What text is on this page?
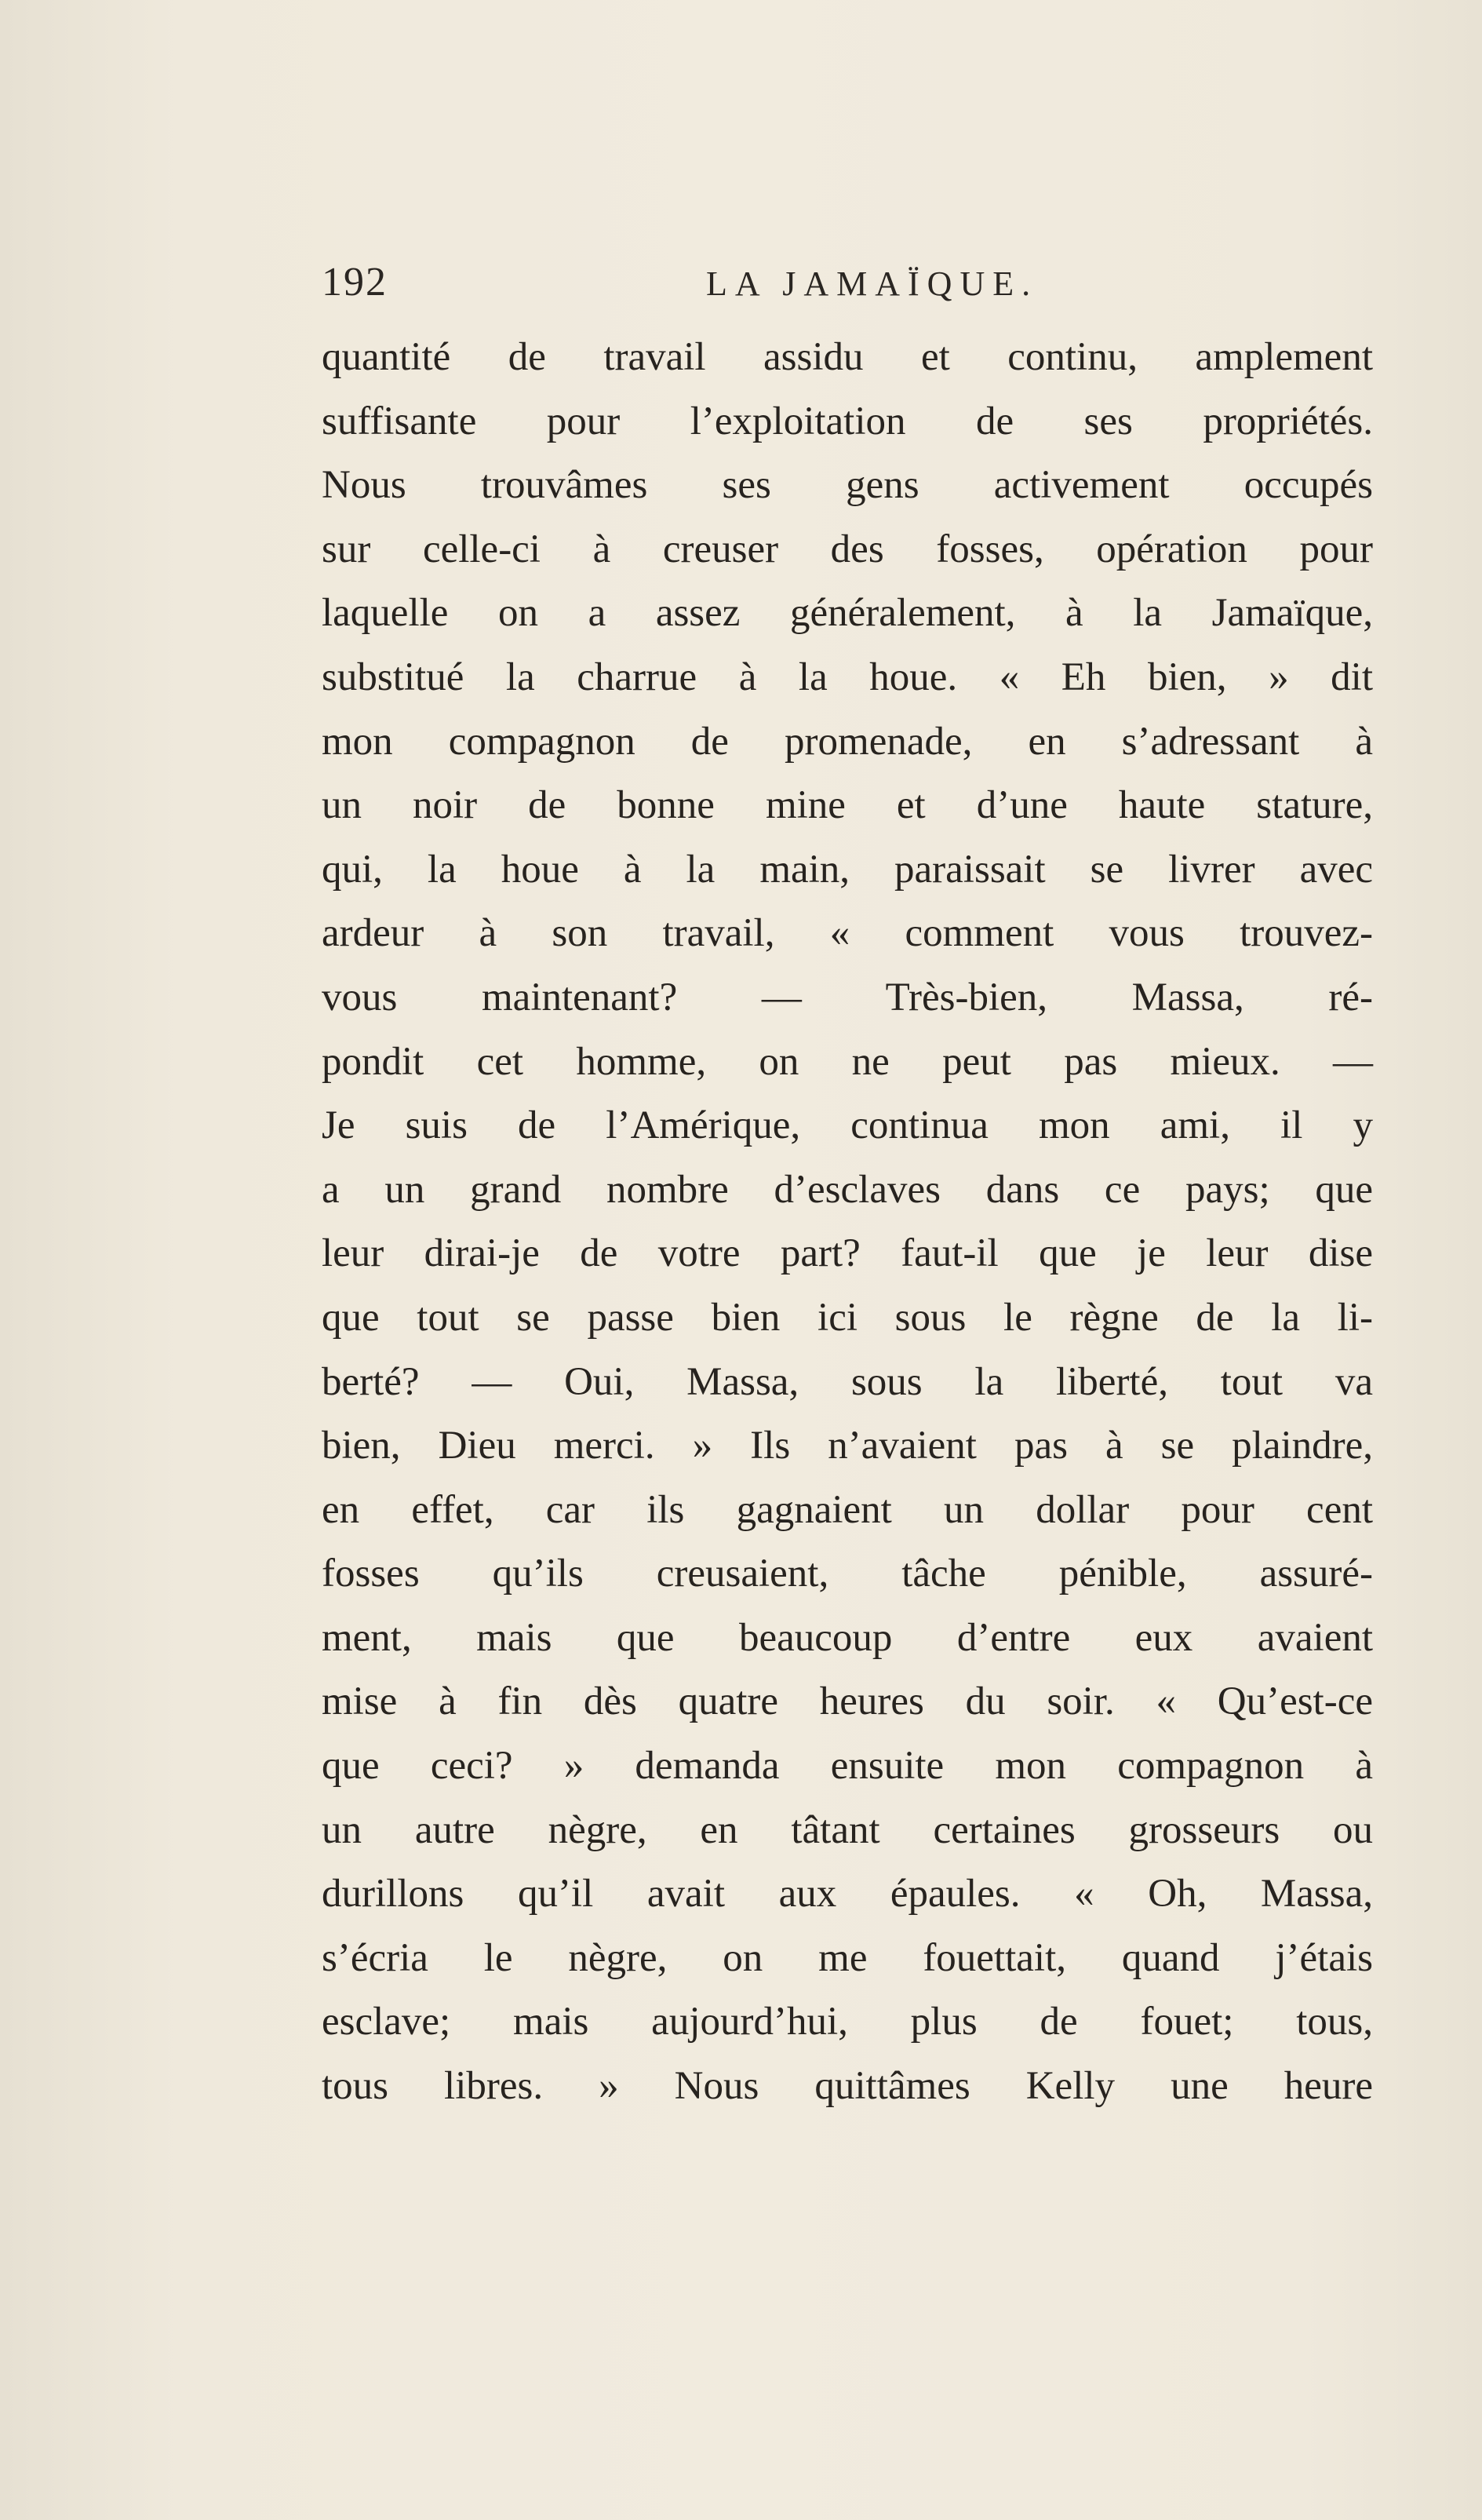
192	LA JAMAÏQUE.
quantité de travail assidu et continu, amplement
suffisante pour l’exploitation de ses propriétés.
Nous trouvâmes ses gens activement occupés
sur celle-ci à creuser des fosses, opération pour
laquelle on a assez généralement, à la Jamaïque,
substitué la charrue à la houe. « Eh bien, » dit
mon compagnon de promenade, en s’adressant à
un noir de bonne mine et d’une haute stature,
qui, la houe à la main, paraissait se livrer avec
ardeur à son travail, « comment vous trouvez-
vous maintenant? — Très-bien, Massa, ré-
pondit cet homme, on ne peut pas mieux. —
Je suis de l’Amérique, continua mon ami, il y
a un grand nombre d’esclaves dans ce pays; que
leur dirai-je de votre part? faut-il que je leur dise
que tout se passe bien ici sous le règne de la li-
berté? — Oui, Massa, sous la liberté, tout va
bien, Dieu merci. » Ils n’avaient pas à se plaindre,
en effet, car ils gagnaient un dollar pour cent
fosses qu’ils creusaient, tâche pénible, assuré-
ment, mais que beaucoup d’entre eux avaient
mise à fin dès quatre heures du soir. « Qu’est-ce
que ceci? » demanda ensuite mon compagnon à
un autre nègre, en tâtant certaines grosseurs ou
durillons qu’il avait aux épaules. « Oh, Massa,
s’écria le nègre, on me fouettait, quand j’étais
esclave; mais aujourd’hui, plus de fouet; tous,
tous libres. » Nous quittâmes Kelly une heure
